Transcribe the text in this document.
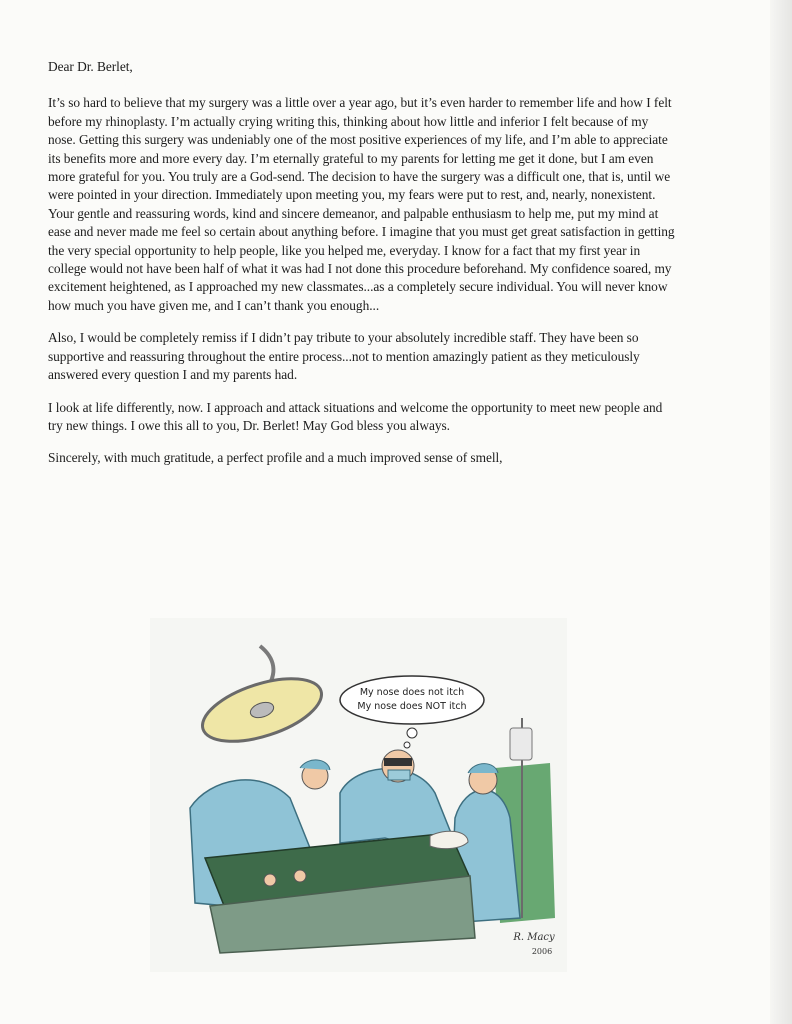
Dear Dr. Berlet,

It’s so hard to believe that my surgery was a little over a year ago, but it’s even harder to remember life and how I felt before my rhinoplasty. I’m actually crying writing this, thinking about how little and inferior I felt because of my nose. Getting this surgery was undeniably one of the most positive experiences of my life, and I’m able to appreciate its benefits more and more every day. I’m eternally grateful to my parents for letting me get it done, but I am even more grateful for you. You truly are a God-send. The decision to have the surgery was a difficult one, that is, until we were pointed in your direction. Immediately upon meeting you, my fears were put to rest, and, nearly, nonexistent. Your gentle and reassuring words, kind and sincere demeanor, and palpable enthusiasm to help me, put my mind at ease and never made me feel so certain about anything before. I imagine that you must get great satisfaction in getting the very special opportunity to help people, like you helped me, everyday. I know for a fact that my first year in college would not have been half of what it was had I not done this procedure beforehand. My confidence soared, my excitement heightened, as I approached my new classmates...as a completely secure individual. You will never know how much you have given me, and I can’t thank you enough...

Also, I would be completely remiss if I didn’t pay tribute to your absolutely incredible staff. They have been so supportive and reassuring throughout the entire process...not to mention amazingly patient as they meticulously answered every question I and my parents had.

I look at life differently, now. I approach and attack situations and welcome the opportunity to meet new people and try new things. I owe this all to you, Dr. Berlet! May God bless you always.

Sincerely, with much gratitude, a perfect profile and a much improved sense of smell,

My nose does not itch
My nose does NOT itch
R. Macy
2006
